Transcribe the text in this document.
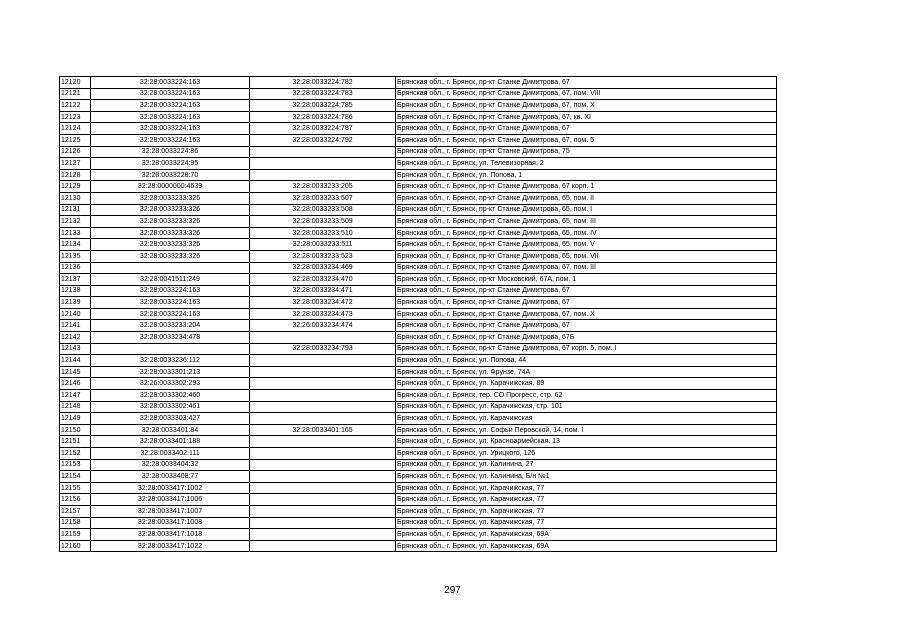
12120	32:28:0033224:163	32:28:0033224:782	Брянская обл., г. Брянск, пр-кт Станке Димитрова, 67
12121	32:28:0033224:163	32:28:0033224:783	Брянская обл., г. Брянск, пр-кт Станке Димитрова, 67, пом. VIII
12122	32:28:0033224:163	32:28:0033224:785	Брянская обл., г. Брянск, пр-кт Станке Димитрова, 67, пом. X
12123	32:28:0033224:163	32:28:0033224:786	Брянская обл., г. Брянск, пр-кт Станке Димитрова, 67, кв. XI
12124	32:28:0033224:163	32:28:0033224:787	Брянская обл., г. Брянск, пр-кт Станке Димитрова, 67
12125	32:28:0033224:163	32:28:0033224:792	Брянская обл., г. Брянск, пр-кт Станке Димитрова, 67, пом. 5
12126	32:28:0033224:86		Брянская обл., г. Брянск, пр-кт Станке Димитрова, 75
12127	32:28:0033224:95		Брянская обл., г. Брянск, ул. Телевизорная, 2
12128	32:28:0033228:70		Брянская обл., г. Брянск, ул. Попова, 1
12129	32:28:0000000:4639	32:28:0033233:205	Брянская обл., г. Брянск, пр-кт Станке Димитрова, 67 корп. 1
12130	32:28:0033233:326	32:28:0033233:507	Брянская обл., г. Брянск, пр-кт Станке Димитрова, 65, пом. II
12131	32:28:0033233:326	32:28:0033233:508	Брянская обл., г. Брянск, пр-кт Станке Димитрова, 65, пом. I
12132	32:28:0033233:326	32:28:0033233:509	Брянская обл., г. Брянск, пр-кт Станке Димитрова, 65, пом. III
12133	32:28:0033233:326	32:28:0033233:510	Брянская обл., г. Брянск, пр-кт Станке Димитрова, 65, пом. IV
12134	32:28:0033233:326	32:28:0033233:511	Брянская обл., г. Брянск, пр-кт Станке Димитрова, 65, пом. V
12135	32:28:0033233:326	32:28:0033233:523	Брянская обл., г. Брянск, пр-кт Станке Димитрова, 65, пом. VII
12136		32:28:0033234:469	Брянская обл., г. Брянск, пр-кт Станке Димитрова, 67, пом. III
12137	32:28:0041511:249	32:28:0033234:470	Брянская обл., г. Брянск, пр-кт Московский, 67А, пом. 1
12138	32:28:0033224:163	32:28:0033234:471	Брянская обл., г. Брянск, пр-кт Станке Димитрова, 67
12139	32:28:0033224:163	32:28:0033234:472	Брянская обл., г. Брянск, пр-кт Станке Димитрова, 67
12140	32:28:0033224:163	32:28:0033234:473	Брянская обл., г. Брянск, пр-кт Станке Димитрова, 67, пом. X
12141	32:28:0033233:204	32:26:0033234:474	Брянская обл., г. Брянск, пр-кт Станке Димитрова, 67
12142	32:28:0033234:478		Брянская обл., г. Брянск, пр-кт Станке Димитрова, 67Б
12143		32:28:0033234:793	Брянская обл., г. Брянск, пр-кт Станке Димитрова, 67 корп. 5, пом. I
12144	32:28:0033236:112		Брянская обл., г. Брянск, ул. Попова, 44
12145	32:28:0033301:213		Брянская обл., г. Брянск, ул. Фрунзе, 74А
12146	32:26:0033302:293		Брянская обл., г. Брянск, ул. Карачижская, 89
12147	32:28:0033302:460		Брянская обл., г. Брянск, тер. СО Прогресс, стр. 62
12148	32:28:0033302:461		Брянская обл., г. Брянск, ул. Карачижская, стр. 101
12149	32:28:0033303:427		Брянская обл., г. Брянск, ул. Карачижская
12150	32:28:0033401:84	32:28:0033401:165	Брянская обл., г. Брянск, ул. Софьи Перовской, 14, пом. I
12151	32:28:0033401:188		Брянская обл., г. Брянск, ул. Красноармейская, 13
12152	32:28:0033402:111		Брянская обл., г. Брянск, ул. Урицкого, 126
12153	32:28:0033404:32		Брянская обл., г. Брянск, ул. Калинина, 27
12154	32:28:0033408:77		Брянская обл., г. Брянск, ул. Калинина, Б/н №1
12155	32:28:0033417:1002		Брянская обл., г. Брянск, ул. Карачижская, 77
12156	32:28:0033417:1006		Брянская обл., г. Брянск, ул. Карачижская, 77
12157	32:28:0033417:1007		Брянская обл., г. Брянск, ул. Карачижская, 77
12158	32:28:0033417:1008		Брянская обл., г. Брянск, ул. Карачижская, 77
12159	32:28:0033417:1018		Брянская обл., г. Брянск, ул. Карачижская, 69А
12160	32:28:0033417:1022		Брянская обл., г. Брянск, ул. Карачижская, 69А
297
